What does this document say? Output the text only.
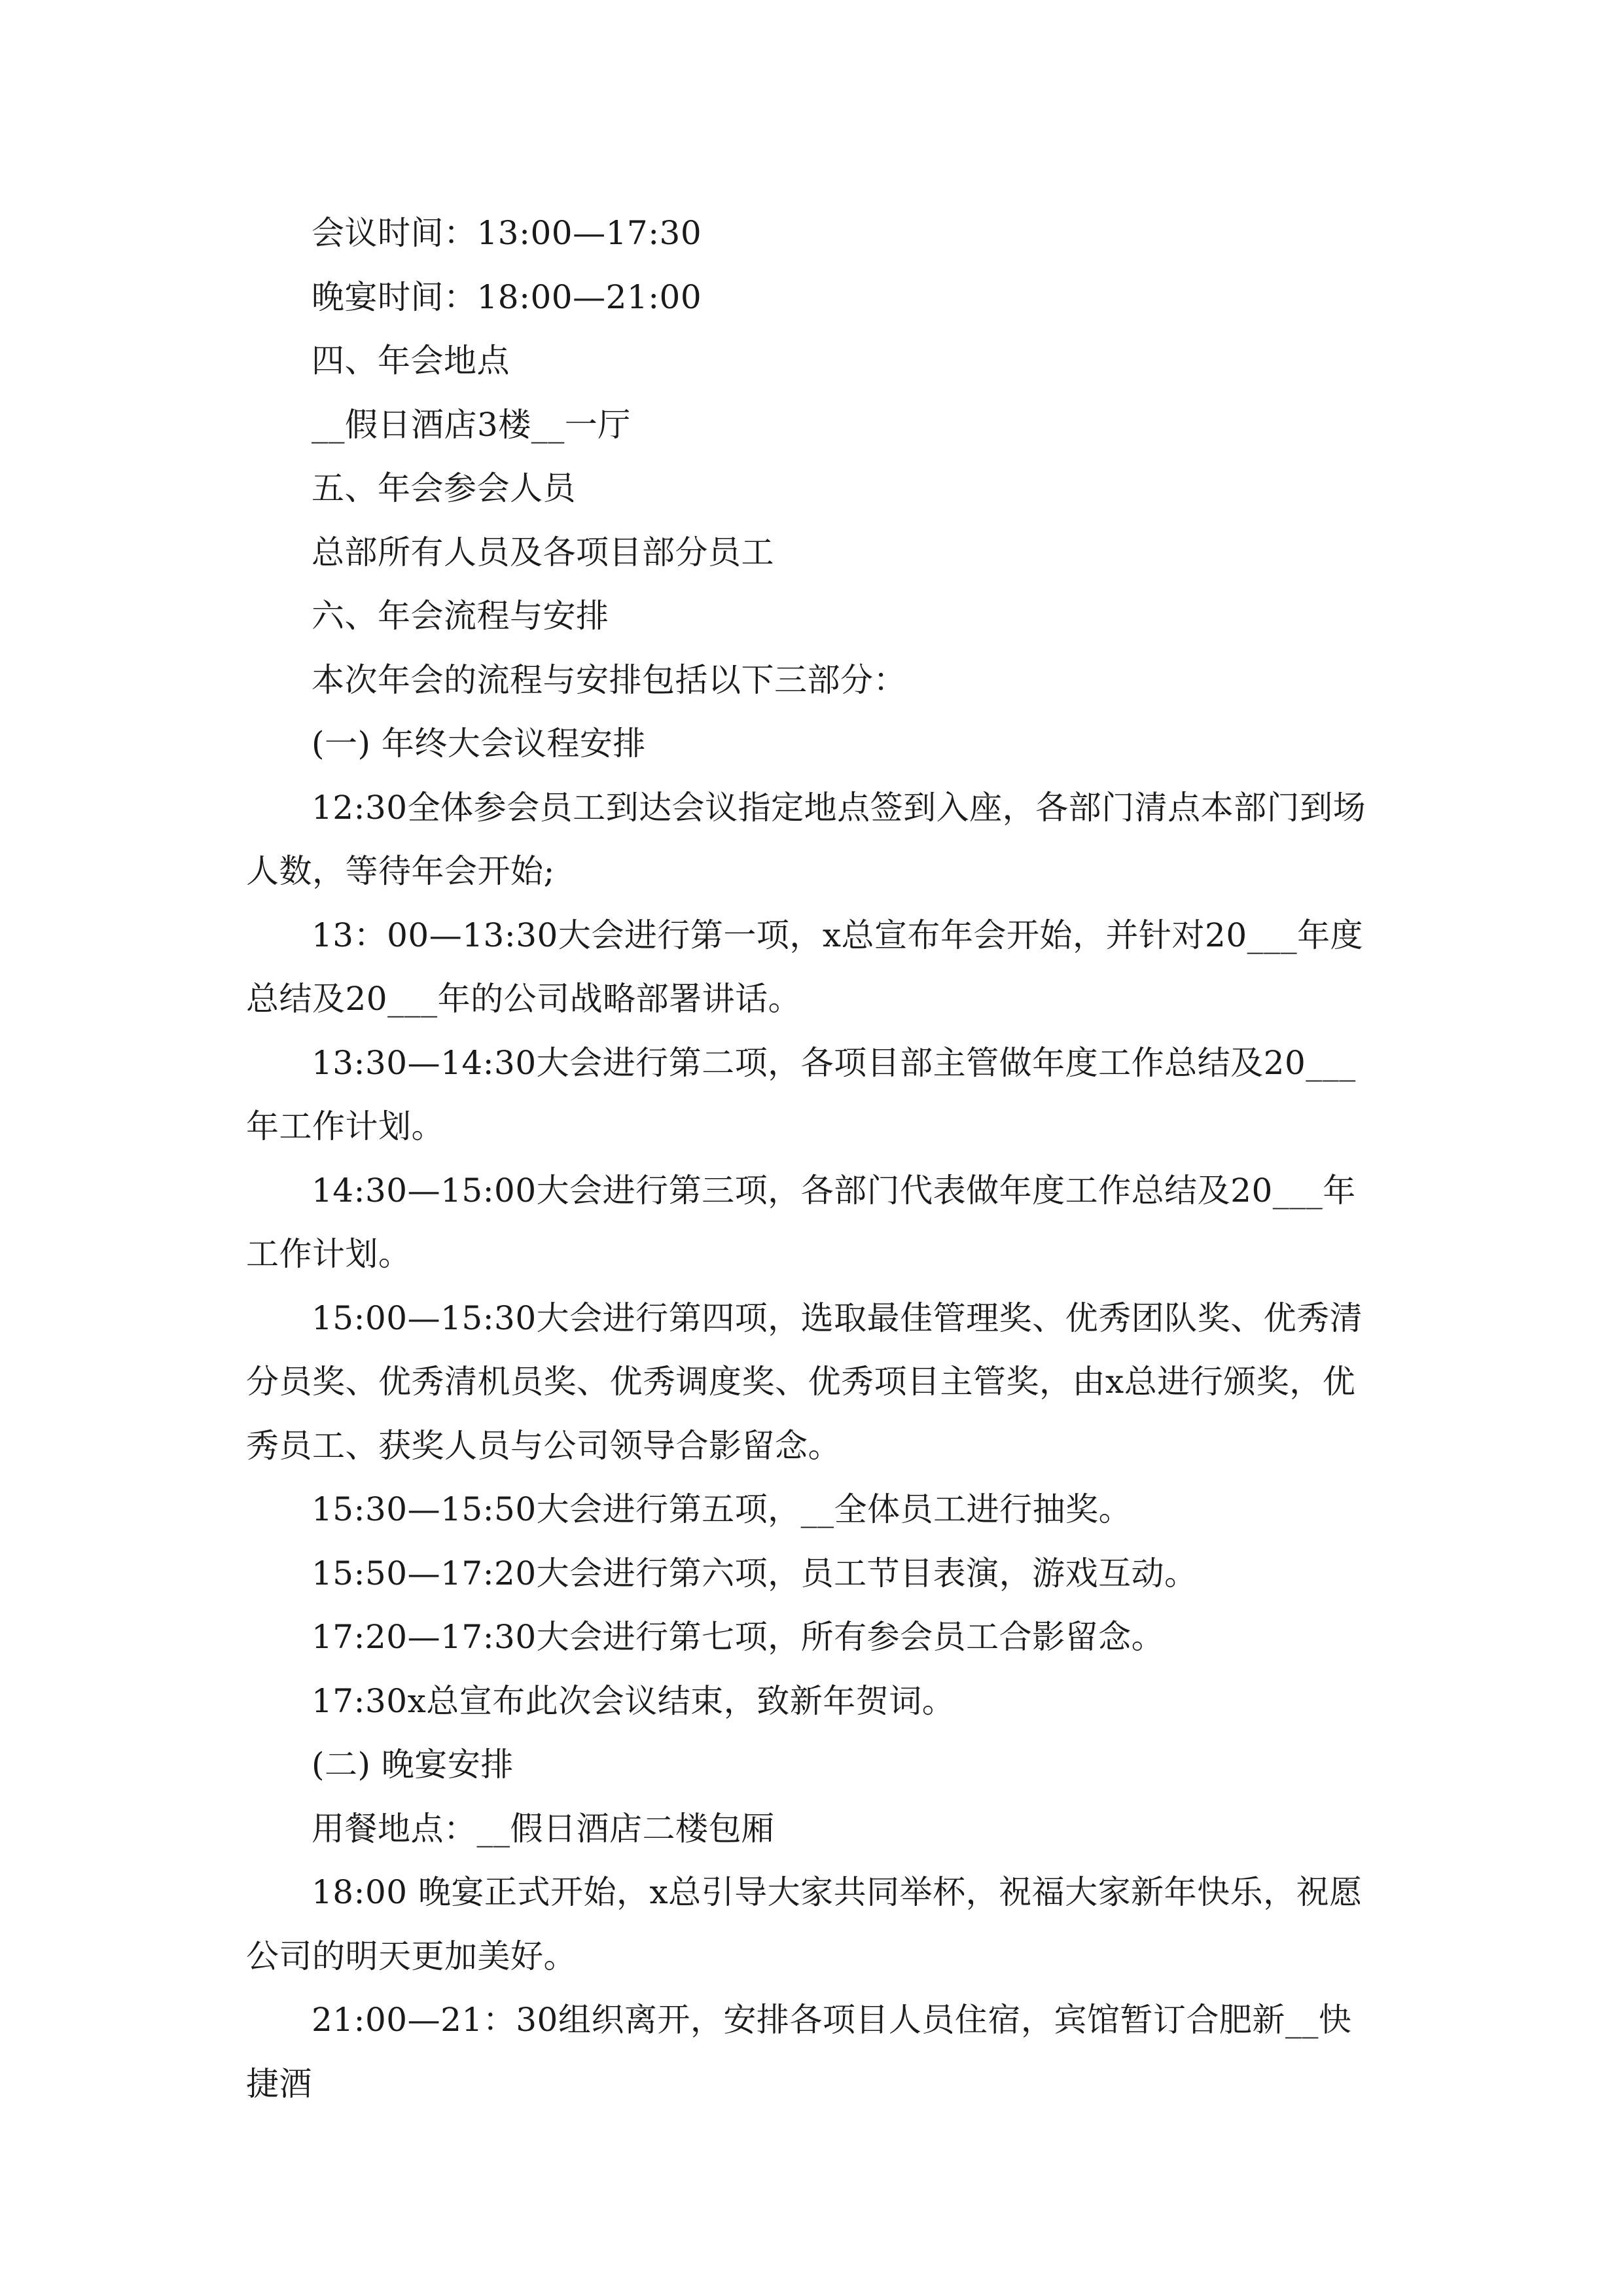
会议时间：13:00—17:30

晚宴时间：18:00—21:00

四、年会地点

__假日酒店3楼__一厅

五、年会参会人员

总部所有人员及各项目部分员工

六、年会流程与安排

本次年会的流程与安排包括以下三部分：

(一) 年终大会议程安排

12:30全体参会员工到达会议指定地点签到入座，各部门清点本部门到场人数，等待年会开始;

13：00—13:30大会进行第一项，x总宣布年会开始，并针对20___年度总结及20___年的公司战略部署讲话。

13:30—14:30大会进行第二项，各项目部主管做年度工作总结及20___年工作计划。

14:30—15:00大会进行第三项，各部门代表做年度工作总结及20___年工作计划。

15:00—15:30大会进行第四项，选取最佳管理奖、优秀团队奖、优秀清分员奖、优秀清机员奖、优秀调度奖、优秀项目主管奖，由x总进行颁奖，优秀员工、获奖人员与公司领导合影留念。

15:30—15:50大会进行第五项，__全体员工进行抽奖。

15:50—17:20大会进行第六项，员工节目表演，游戏互动。

17:20—17:30大会进行第七项，所有参会员工合影留念。

17:30x总宣布此次会议结束，致新年贺词。

(二) 晚宴安排

用餐地点：__假日酒店二楼包厢

18:00 晚宴正式开始，x总引导大家共同举杯，祝福大家新年快乐，祝愿公司的明天更加美好。

21:00—21：30组织离开，安排各项目人员住宿，宾馆暂订合肥新__快捷酒
